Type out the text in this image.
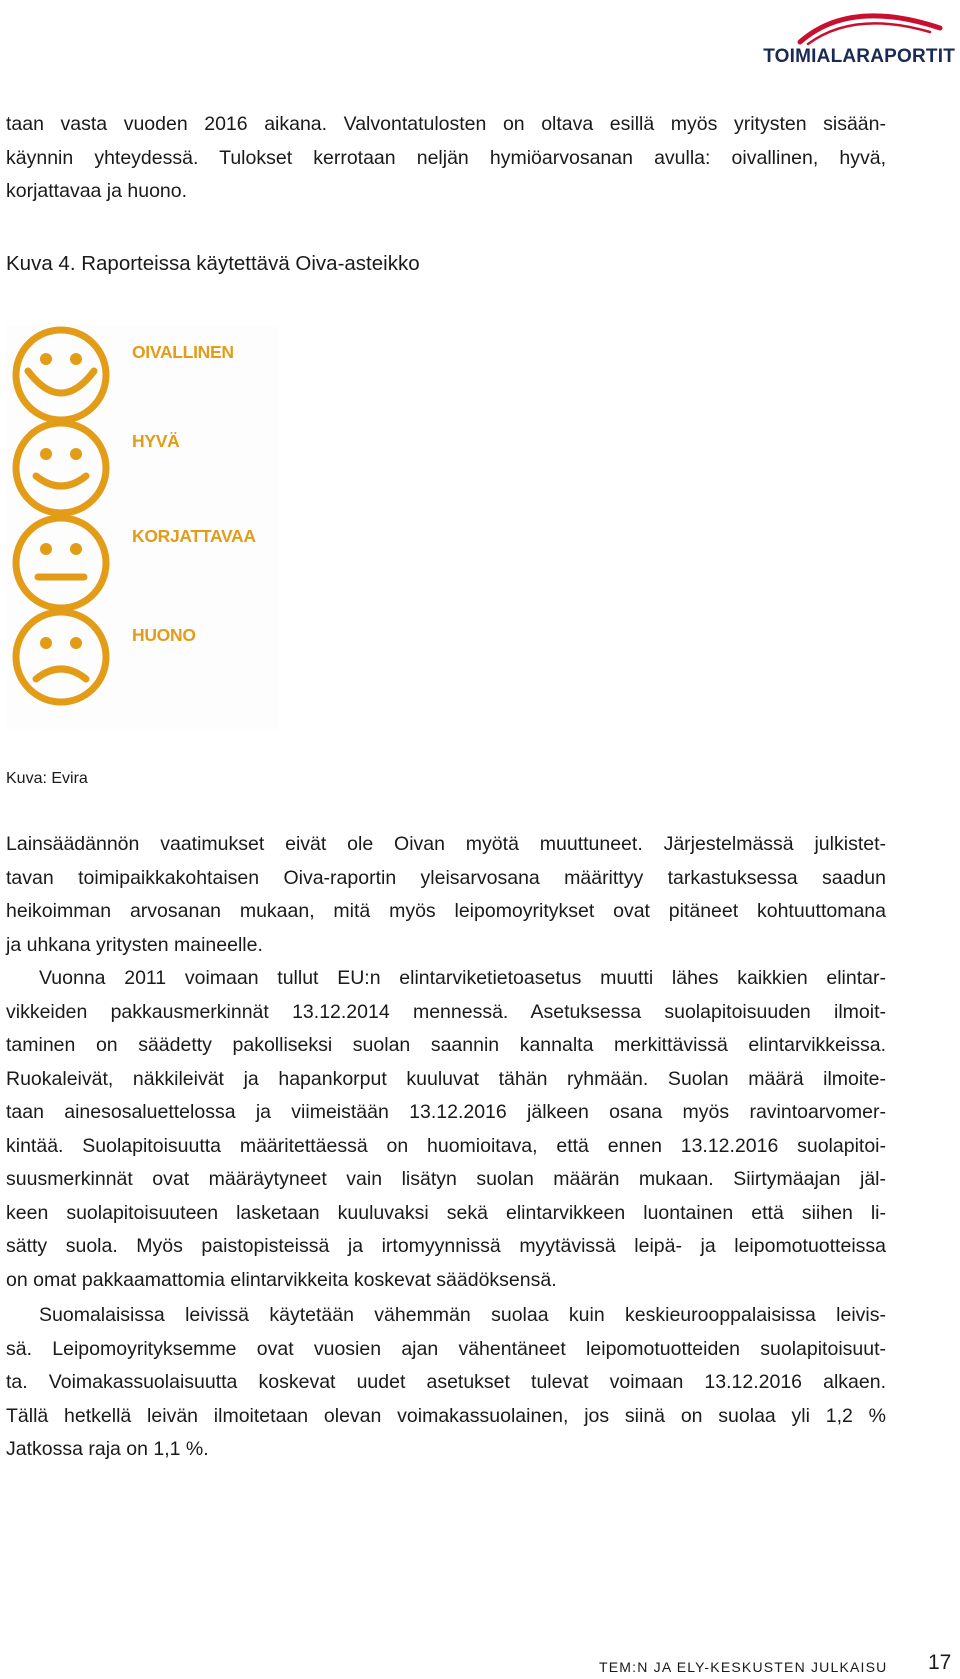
TOIMIALARAPORTIT
taan vasta vuoden 2016 aikana. Valvontatulosten on oltava esillä myös yritysten sisään-
käynnin yhteydessä. Tulokset kerrotaan neljän hymiöarvosanan avulla: oivallinen, hyvä,
korjattavaa ja huono.

Kuva 4. Raporteissa käytettävä Oiva-asteikko

OIVALLINEN
HYVÄ
KORJATTAVAA
HUONO
Kuva: Evira
Lainsäädännön vaatimukset eivät ole Oivan myötä muuttuneet. Järjestelmässä julkistet-
tavan toimipaikkakohtaisen Oiva-raportin yleisarvosana määrittyy tarkastuksessa saadun
heikoimman arvosanan mukaan, mitä myös leipomoyritykset ovat pitäneet kohtuuttomana
ja uhkana yritysten maineelle.
Vuonna 2011 voimaan tullut EU:n elintarviketietoasetus muutti lähes kaikkien elintar-
vikkeiden pakkausmerkinnät 13.12.2014 mennessä. Asetuksessa suolapitoisuuden ilmoit-
taminen on säädetty pakolliseksi suolan saannin kannalta merkittävissä elintarvikkeissa.
Ruokaleivät, näkkileivät ja hapankorput kuuluvat tähän ryhmään. Suolan määrä ilmoite-
taan ainesosaluettelossa ja viimeistään 13.12.2016 jälkeen osana myös ravintoarvomer-
kintää. Suolapitoisuutta määritettäessä on huomioitava, että ennen 13.12.2016 suolapitoi-
suusmerkinnät ovat määräytyneet vain lisätyn suolan määrän mukaan. Siirtymäajan jäl-
keen suolapitoisuuteen lasketaan kuuluvaksi sekä elintarvikkeen luontainen että siihen li-
sätty suola. Myös paistopisteissä ja irtomyynnissä myytävissä leipä- ja leipomotuotteissa
on omat pakkaamattomia elintarvikkeita koskevat säädöksensä.
Suomalaisissa leivissä käytetään vähemmän suolaa kuin keskieurooppalaisissa leivis-
sä. Leipomoyrityksemme ovat vuosien ajan vähentäneet leipomotuotteiden suolapitoisuut-
ta. Voimakassuolaisuutta koskevat uudet asetukset tulevat voimaan 13.12.2016 alkaen.
Tällä hetkellä leivän ilmoitetaan olevan voimakassuolainen, jos siinä on suolaa yli 1,2 %
Jatkossa raja on 1,1 %.
TEM:N JA ELY-KESKUSTEN JULKAISU 17
